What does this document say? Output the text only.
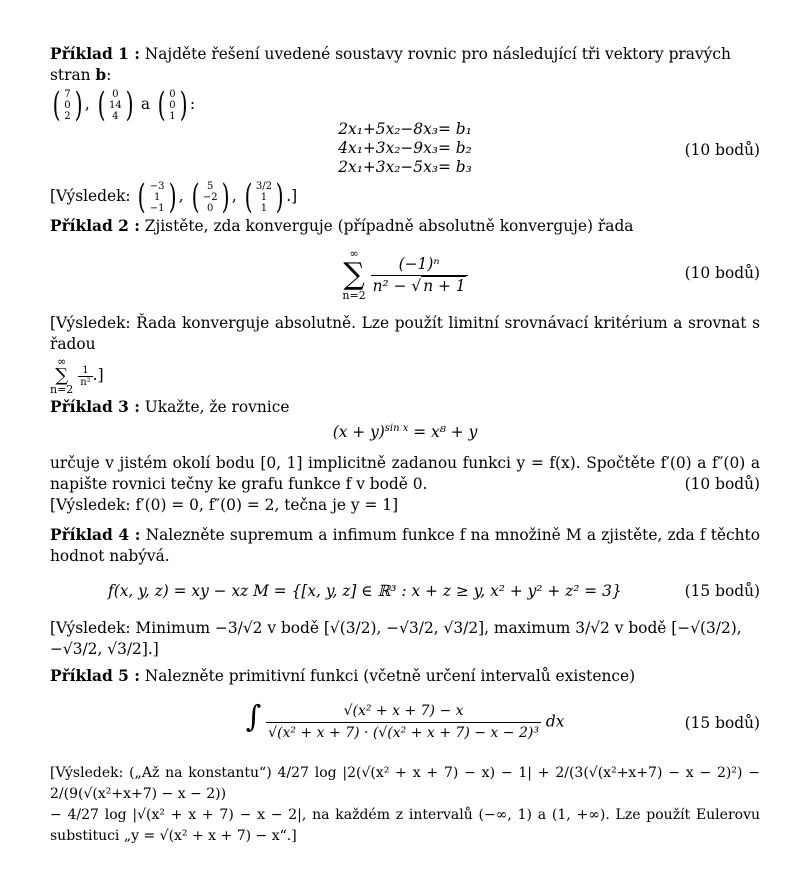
Příklad 1 : Najděte řešení uvedené soustavy rovnic pro následující tři vektory pravých stran b:

( 7
0
2 ) , ( 0
14
4 ) a ( 0
0
1 ) :

2x₁+5x₂−8x₃= b₁
4x₁+3x₂−9x₃= b₂
2x₁+3x₂−5x₃= b₃
(10 bodů)

[Výsledek: ( −3
1
−1 ) , ( 5
−2
0 ) , ( 3/2
1
1 ) .]

Příklad 2 : Zjistěte, zda konverguje (případně absolutně konverguje) řada

∞
∑
n=2
$\frac{\text{(−1)ⁿ}}{\text{n² − √ n + 1}}$	(10 bodů)

[Výsledek: Řada konverguje absolutně. Lze použít limitní srovnávací kritérium a srovnat s řadou

∞
∑
n=2

$\frac{1}{\text{n²}}$ .]

Příklad 3 : Ukažte, že rovnice

$(x + y)^{sin x} = x^8 + y$

určuje v jistém okolí bodu [0, 1] implicitně zadanou funkci y = f(x). Spočtěte f′(0) a f″(0) a napište rovnici tečny ke grafu funkce f v bodě 0.	(10 bodů)

[Výsledek: f′(0) = 0, f″(0) = 2, tečna je y = 1]

Příklad 4 : Nalezněte supremum a infimum funkce f na množině M a zjistěte, zda f těchto hodnot nabývá.

f(x, y, z) = xy − xz M = {[x, y, z] ∈ ℝ³ : x + z ≥ y, x² + y² + z² = 3}	(15 bodů)

[Výsledek: Minimum −3/√2 v bodě [√(3/2), −√3/2, √3/2], maximum 3/√2 v bodě [−√(3/2), −√3/2, √3/2].]

Příklad 5 : Nalezněte primitivní funkci (včetně určení intervalů existence)

∫ $\frac{\text{√(x² + x + 7) − x}}{\text{√(x² + x + 7) · (√(x² + x + 7) − x − 2)³}}$ dx	(15 bodů)

[Výsledek: („Až na konstantu“) 4/27 log |2(√(x² + x + 7) − x) − 1| + 2/(3(√(x²+x+7) − x − 2)²) − 2/(9(√(x²+x+7) − x − 2))
− 4/27 log |√(x² + x + 7) − x − 2|, na každém z intervalů (−∞, 1) a (1, +∞). Lze použít Eulerovu substituci „y = √(x² + x + 7) − x“.]
